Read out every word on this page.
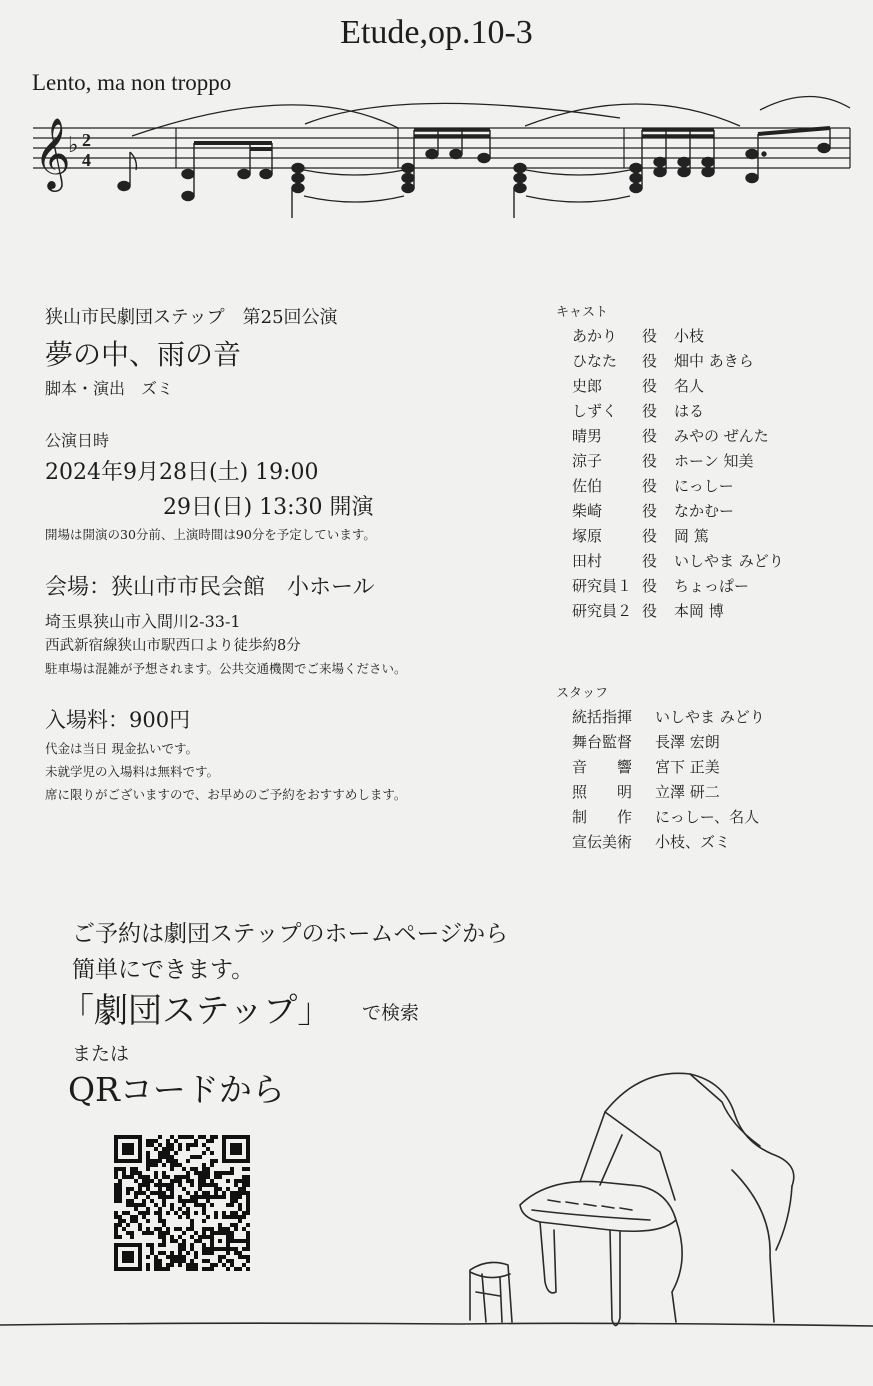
Etude,op.10-3
Lento, ma non troppo
𝄞
♭ 2
4
狭山市民劇団ステップ　第25回公演
夢の中、雨の音
脚本・演出　ズミ
公演日時
2024年9月28日(土) 19:00
29日(日) 13:30 開演
開場は開演の30分前、上演時間は90分を予定しています。
会場：狭山市市民会館　小ホール
埼玉県狭山市入間川2-33-1
西武新宿線狭山市駅西口より徒歩約8分
駐車場は混雑が予想されます。公共交通機関でご来場ください。
入場料：900円
代金は当日 現金払いです。
未就学児の入場料は無料です。
席に限りがございますので、お早めのご予約をおすすめします。
キャスト
あかり 役 小枝
ひなた 役 畑中 あきら
史郎	役 名人
しずく 役 はる
晴男	役 みやの ぜんた
涼子	役 ホーン 知美
佐伯	役 にっしー
柴崎	役 なかむー
塚原	役 岡 篤
田村	役 いしやま みどり
研究員１ 役 ちょっぱー
研究員２ 役 本岡 博
スタッフ
統括指揮 いしやま みどり
舞台監督 長澤 宏朗
音　　響 宮下 正美
照　　明 立澤 研二
制　　作 にっしー、名人
宣伝美術 小枝、ズミ
ご予約は劇団ステップのホームページから
簡単にできます。
「劇団ステップ」 で検索
または
QRコードから
